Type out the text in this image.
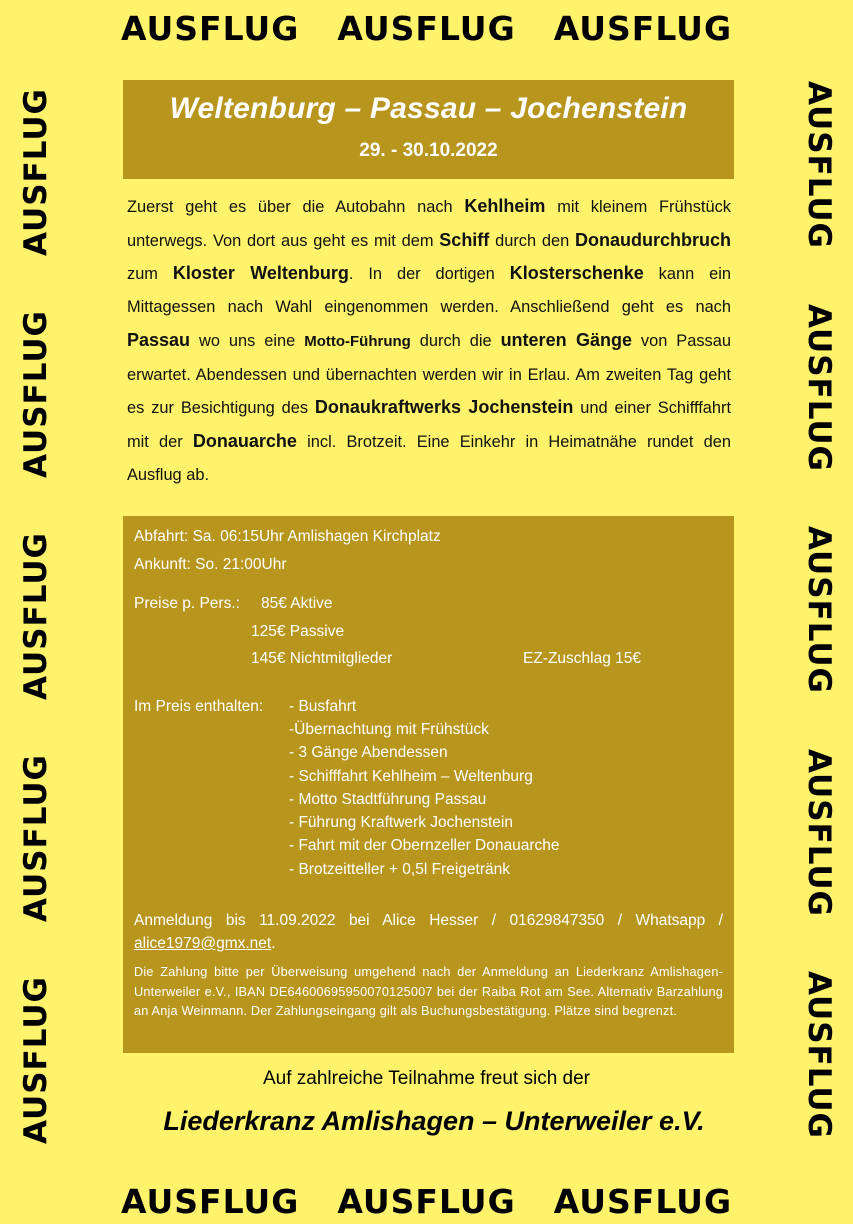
AUSFLUG AUSFLUG AUSFLUG
AUSFLUG
AUSFLUG
AUSFLUG
AUSFLUG
AUSFLUG
AUSFLUG
AUSFLUG
AUSFLUG
AUSFLUG
AUSFLUG
Weltenburg – Passau – Jochenstein
29. - 30.10.2022
Zuerst geht es über die Autobahn nach Kehlheim mit kleinem Frühstück unterwegs. Von dort aus geht es mit dem Schiff durch den Donaudurchbruch zum Kloster Weltenburg. In der dortigen Klosterschenke kann ein Mittagessen nach Wahl eingenommen werden. Anschließend geht es nach Passau wo uns eine Motto-Führung durch die unteren Gänge von Passau erwartet. Abendessen und übernachten werden wir in Erlau. Am zweiten Tag geht es zur Besichtigung des Donaukraftwerks Jochenstein und einer Schifffahrt mit der Donauarche incl. Brotzeit. Eine Einkehr in Heimatnähe rundet den Ausflug ab.
Abfahrt: Sa. 06:15Uhr Amlishagen Kirchplatz
Ankunft: So. 21:00Uhr
Preise p. Pers.: 85€ Aktive
125€ Passive
145€ Nichtmitglieder	EZ-Zuschlag 15€
Im Preis enthalten: - Busfahrt
-Übernachtung mit Frühstück
- 3 Gänge Abendessen
- Schifffahrt Kehlheim – Weltenburg
- Motto Stadtführung Passau
- Führung Kraftwerk Jochenstein
- Fahrt mit der Obernzeller Donauarche
- Brotzeitteller + 0,5l Freigetränk
Anmeldung bis 11.09.2022 bei Alice Hesser / 01629847350 / Whatsapp /
alice1979@gmx.net.
Die Zahlung bitte per Überweisung umgehend nach der Anmeldung an Liederkranz Amlishagen-Unterweiler e.V., IBAN DE64600695950070125007 bei der Raiba Rot am See. Alternativ Barzahlung an Anja Weinmann. Der Zahlungseingang gilt als Buchungsbestätigung. Plätze sind begrenzt.
Auf zahlreiche Teilnahme freut sich der
Liederkranz Amlishagen – Unterweiler e.V.
AUSFLUG AUSFLUG AUSFLUG
